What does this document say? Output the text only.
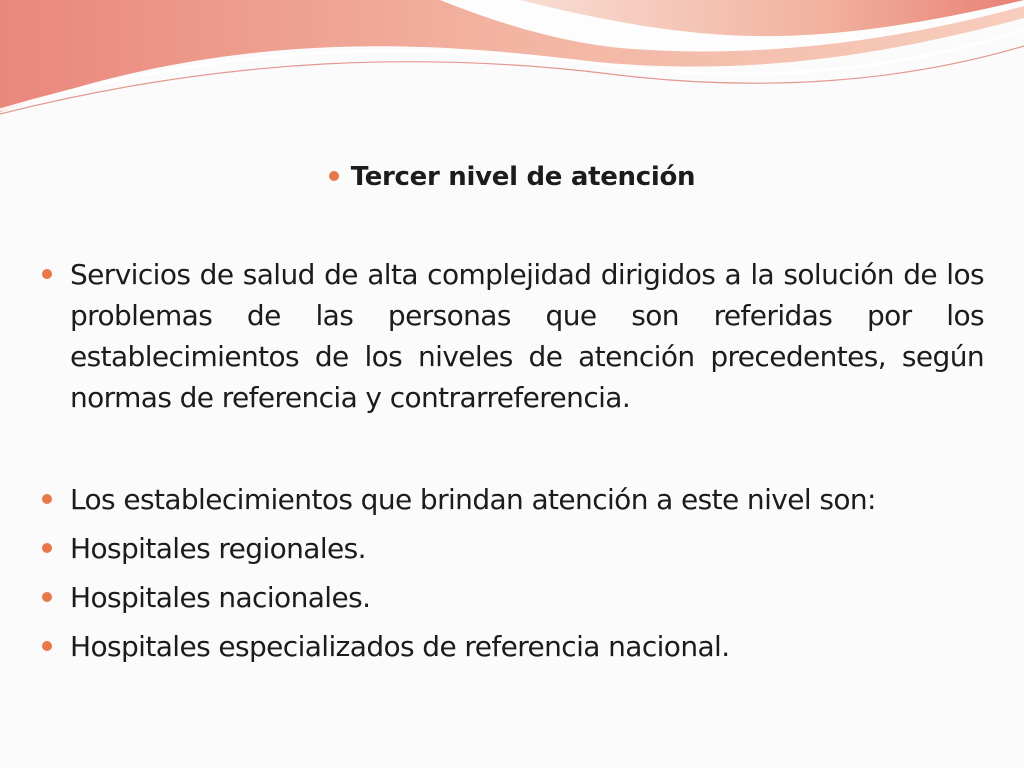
Tercer nivel de atención
Servicios de salud de alta complejidad dirigidos a la solución de los problemas de las personas que son referidas por los establecimientos de los niveles de atención precedentes, según normas de referencia y contrarreferencia.
Los establecimientos que brindan atención a este nivel son:
Hospitales regionales.
Hospitales nacionales.
Hospitales especializados de referencia nacional.
